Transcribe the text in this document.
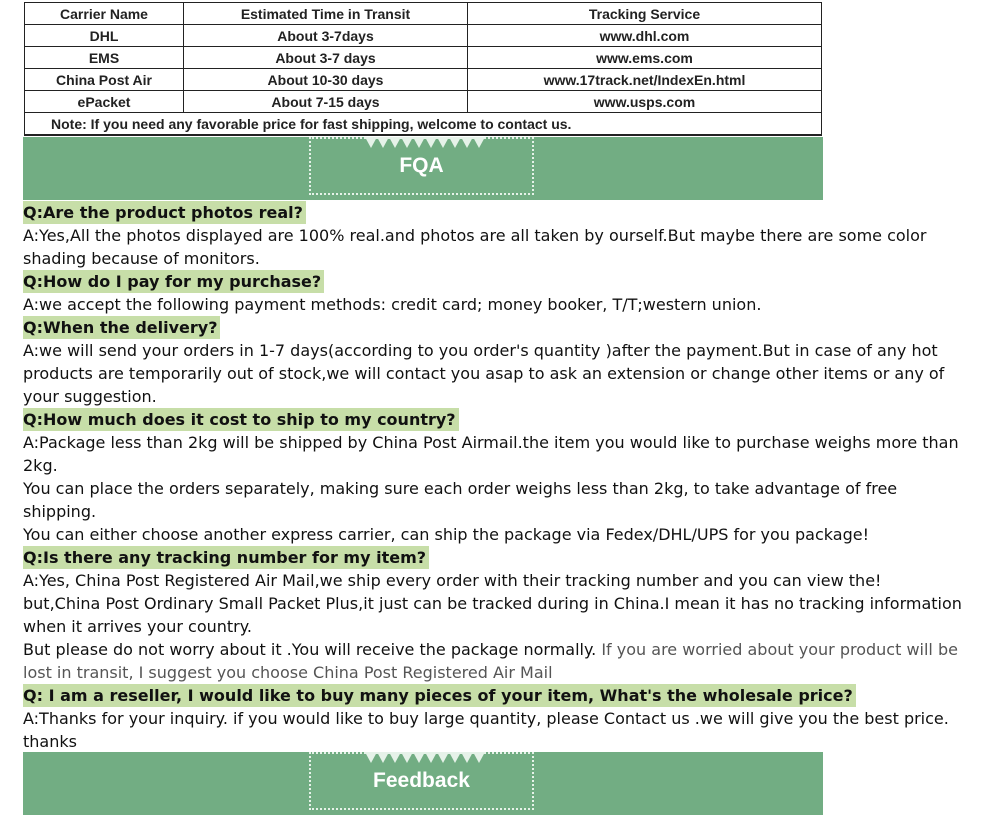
Carrier Name	Estimated Time in Transit	Tracking Service
DHL	About 3-7days	www.dhl.com
EMS	About 3-7 days	www.ems.com
China Post Air	About 10-30 days	www.17track.net/IndexEn.html
ePacket	About 7-15 days	www.usps.com
Note: If you need any favorable price for fast shipping, welcome to contact us.		
FQA
Q:Are the product photos real?

A:Yes,All the photos displayed are 100% real.and photos are all taken by ourself.But maybe there are some color shading because of monitors.

Q:How do I pay for my purchase?

A:we accept the following payment methods: credit card; money booker, T/T;western union.

Q:When the delivery?

A:we will send your orders in 1-7 days(according to you order's quantity )after the payment.But in case of any hot products are temporarily out of stock,we will contact you asap to ask an extension or change other items or any of your suggestion.

Q:How much does it cost to ship to my country?

A:Package less than 2kg will be shipped by China Post Airmail.the item you would like to purchase weighs more than 2kg.

You can place the orders separately, making sure each order weighs less than 2kg, to take advantage of free shipping.

You can either choose another express carrier, can ship the package via Fedex/DHL/UPS for you package!

Q:Is there any tracking number for my item?

A:Yes, China Post Registered Air Mail,we ship every order with their tracking number and you can view the!

but,China Post Ordinary Small Packet Plus,it just can be tracked during in China.I mean it has no tracking information when it arrives your country.

But please do not worry about it .You will receive the package normally. If you are worried about your product will be lost in transit, I suggest you choose China Post Registered Air Mail

Q: I am a reseller, I would like to buy many pieces of your item, What's the wholesale price?

A:Thanks for your inquiry. if you would like to buy large quantity, please Contact us .we will give you the best price. thanks

Feedback
